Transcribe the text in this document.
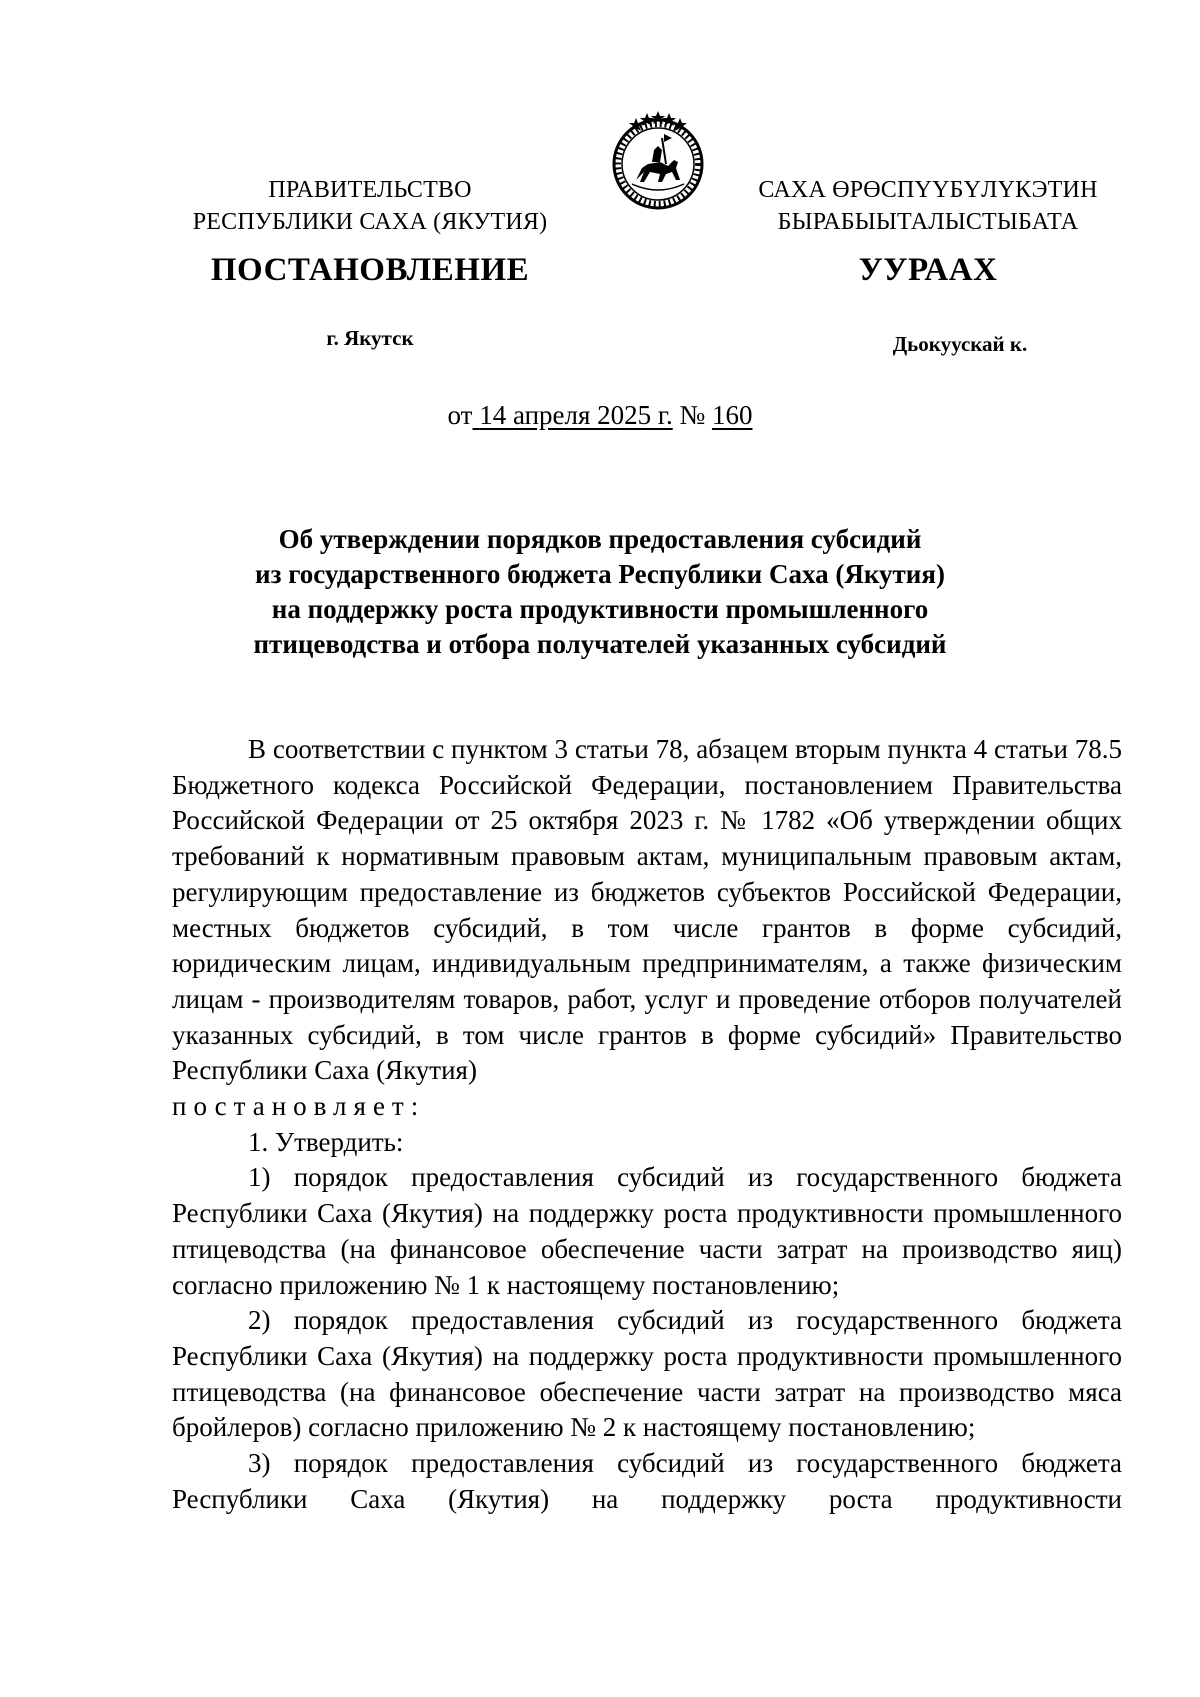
ПРАВИТЕЛЬСТВО
РЕСПУБЛИКИ САХА (ЯКУТИЯ)
САХА ӨРӨСПҮҮБҮЛҮКЭТИН
БЫРАБЫЫТАЛЫСТЫБАТА
ПОСТАНОВЛЕНИЕ	УУРААХ
г. Якутск	Дьокуускай к.
от 14 апреля 2025 г. № 160
Об утверждении порядков предоставления субсидий
из государственного бюджета Республики Саха (Якутия)
на поддержку роста продуктивности промышленного
птицеводства и отбора получателей указанных субсидий

В соответствии с пунктом 3 статьи 78, абзацем вторым пункта 4 статьи 78.5 Бюджетного кодекса Российской Федерации, постановлением Правительства Российской Федерации от 25 октября 2023 г. № 1782 «Об утверждении общих требований к нормативным правовым актам, муниципальным правовым актам, регулирующим предоставление из бюджетов субъектов Российской Федерации, местных бюджетов субсидий, в том числе грантов в форме субсидий, юридическим лицам, индивидуальным предпринимателям, а также физическим лицам - производителям товаров, работ, услуг и проведение отборов получателей указанных субсидий, в том числе грантов в форме субсидий» Правительство Республики Саха (Якутия)

постановляет:

1. Утвердить:

1) порядок предоставления субсидий из государственного бюджета Республики Саха (Якутия) на поддержку роста продуктивности промышленного птицеводства (на финансовое обеспечение части затрат на производство яиц) согласно приложению № 1 к настоящему постановлению;

2) порядок предоставления субсидий из государственного бюджета Республики Саха (Якутия) на поддержку роста продуктивности промышленного птицеводства (на финансовое обеспечение части затрат на производство мяса бройлеров) согласно приложению № 2 к настоящему постановлению;

3) порядок предоставления субсидий из государственного бюджета Республики Саха (Якутия) на поддержку роста продуктивности
